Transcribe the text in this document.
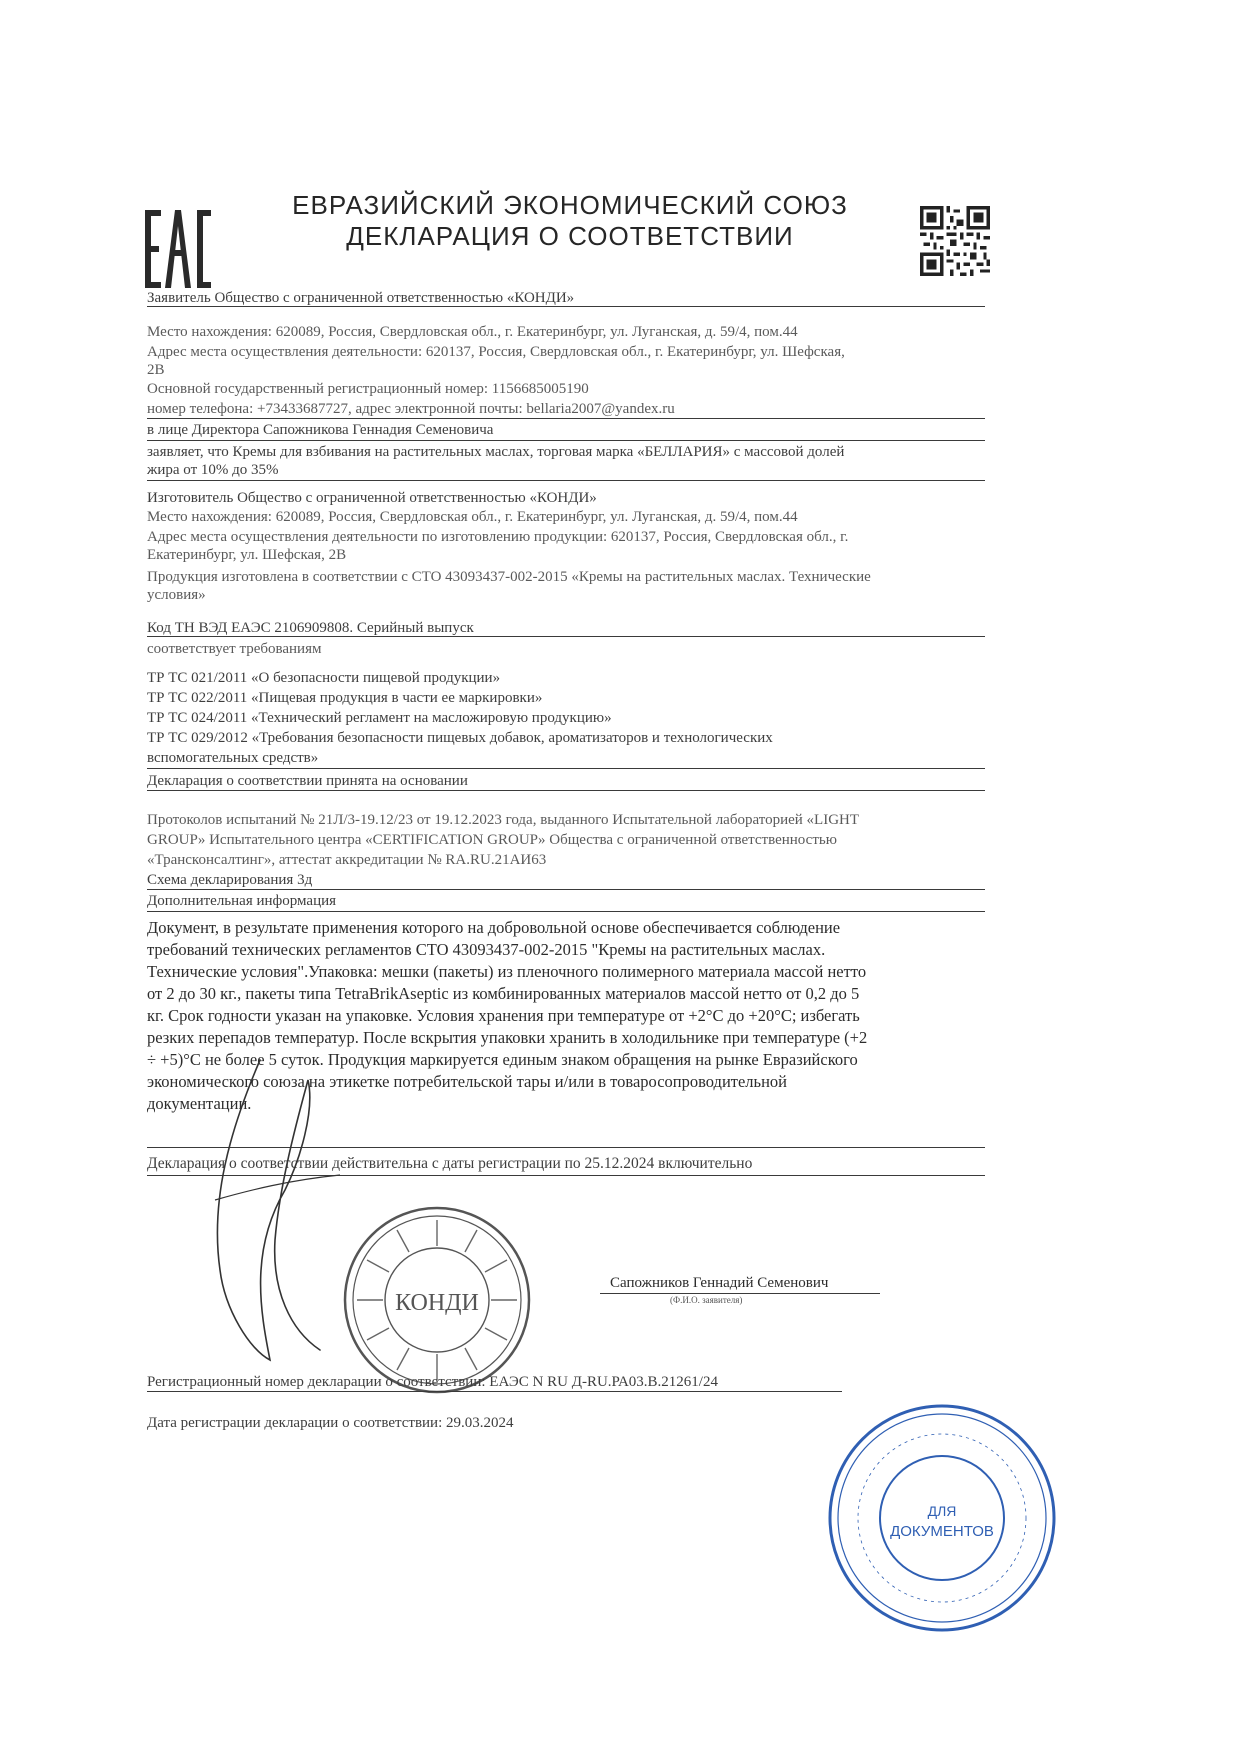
ЕВРАЗИЙСКИЙ ЭКОНОМИЧЕСКИЙ СОЮЗ
ДЕКЛАРАЦИЯ О СООТВЕТСТВИИ
Заявитель Общество с ограниченной ответственностью «КОНДИ»
Место нахождения: 620089, Россия, Свердловская обл., г. Екатеринбург, ул. Луганская, д. 59/4, пом.44
Адрес места осуществления деятельности: 620137, Россия, Свердловская обл., г. Екатеринбург, ул. Шефская,
2В
Основной государственный регистрационный номер: 1156685005190
номер телефона: +73433687727, адрес электронной почты: bellaria2007@yandex.ru
в лице Директора Сапожникова Геннадия Семеновича
заявляет, что Кремы для взбивания на растительных маслах, торговая марка «БЕЛЛАРИЯ» с массовой долей
жира от 10% до 35%
Изготовитель Общество с ограниченной ответственностью «КОНДИ»
Место нахождения: 620089, Россия, Свердловская обл., г. Екатеринбург, ул. Луганская, д. 59/4, пом.44
Адрес места осуществления деятельности по изготовлению продукции: 620137, Россия, Свердловская обл., г.
Екатеринбург, ул. Шефская, 2В
Продукция изготовлена в соответствии с СТО 43093437-002-2015 «Кремы на растительных маслах. Технические
условия»
Код ТН ВЭД ЕАЭС 2106909808. Серийный выпуск
соответствует требованиям
ТР ТС 021/2011 «О безопасности пищевой продукции»
ТР ТС 022/2011 «Пищевая продукция в части ее маркировки»
ТР ТС 024/2011 «Технический регламент на масложировую продукцию»
ТР ТС 029/2012 «Требования безопасности пищевых добавок, ароматизаторов и технологических
вспомогательных средств»
Декларация о соответствии принята на основании
Протоколов испытаний № 21Л/3-19.12/23 от 19.12.2023 года, выданного Испытательной лабораторией «LIGHT
GROUP» Испытательного центра «CERTIFICATION GROUP» Общества с ограниченной ответственностью
«Трансконсалтинг», аттестат аккредитации № RA.RU.21АИ63
Схема декларирования 3д
Дополнительная информация
Документ, в результате применения которого на добровольной основе обеспечивается соблюдение
требований технических регламентов СТО 43093437-002-2015 "Кремы на растительных маслах.
Технические условия".Упаковка: мешки (пакеты) из пленочного полимерного материала массой нетто
от 2 до 30 кг., пакеты типа TetraBrikAseptic из комбинированных материалов массой нетто от 0,2 до 5
кг. Срок годности указан на упаковке. Условия хранения при температуре от +2°С до +20°С; избегать
резких перепадов температур. После вскрытия упаковки хранить в холодильнике при температуре (+2
÷ +5)°С не более 5 суток. Продукция маркируется единым знаком обращения на рынке Евразийского
экономического союза на этикетке потребительской тары и/или в товаросопроводительной
документации.
Декларация о соответствии действительна с даты регистрации по 25.12.2024 включительно
Сапожников Геннадий Семенович
(Ф.И.О. заявителя)
КОНДИ
Регистрационный номер декларации о соответствии: ЕАЭС N RU Д-RU.РА03.В.21261/24
Дата регистрации декларации о соответствии: 29.03.2024
ДЛЯ
ДОКУМЕНТОВ
